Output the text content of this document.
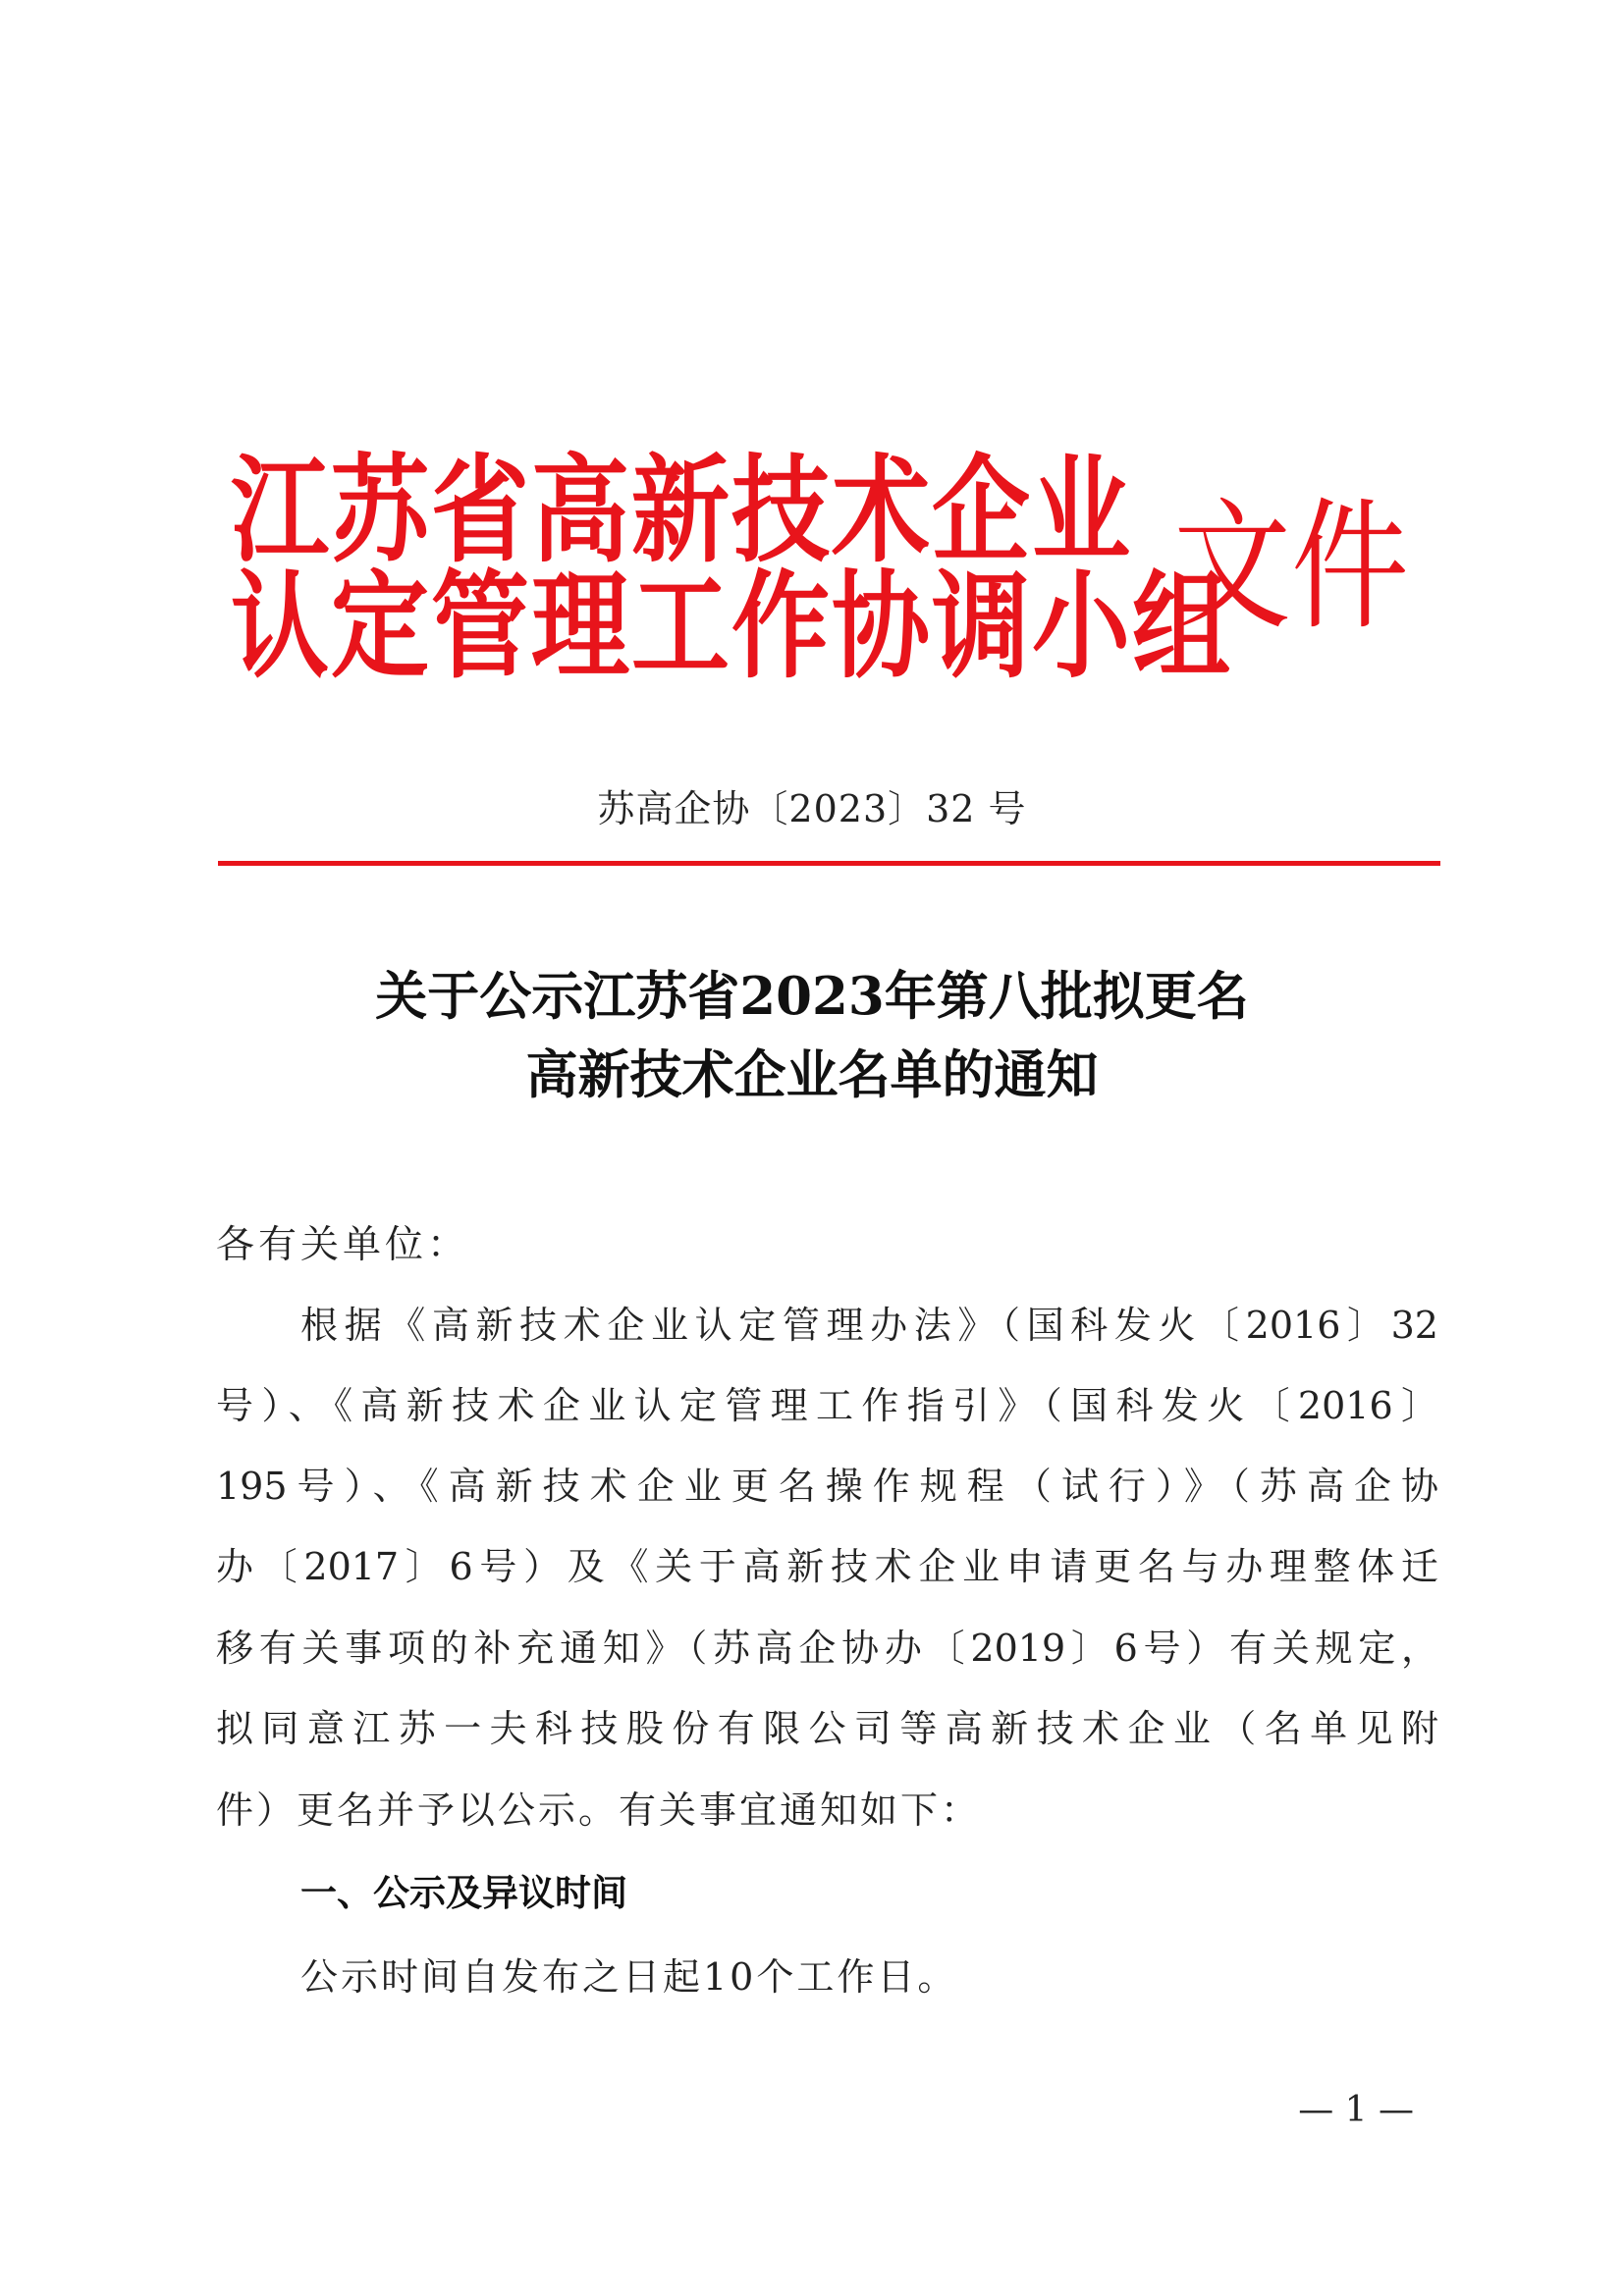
江苏省高新技术企业
认定管理工作协调小组
文件
苏高企协〔2023〕32 号
关于公示江苏省2023年第八批拟更名
高新技术企业名单的通知
各有关单位：
根据《高新技术企业认定管理办法》（国科发火〔2016〕32
号）、《高新技术企业认定管理工作指引》（国科发火〔2016〕
195号）、《高新技术企业更名操作规程（试行）》（苏高企协
办〔2017〕6号）及《关于高新技术企业申请更名与办理整体迁
移有关事项的补充通知》（苏高企协办〔2019〕6号）有关规定，
拟同意江苏一夫科技股份有限公司等高新技术企业（名单见附
件）更名并予以公示。有关事宜通知如下：
一、公示及异议时间
公示时间自发布之日起10个工作日。
— 1 —
